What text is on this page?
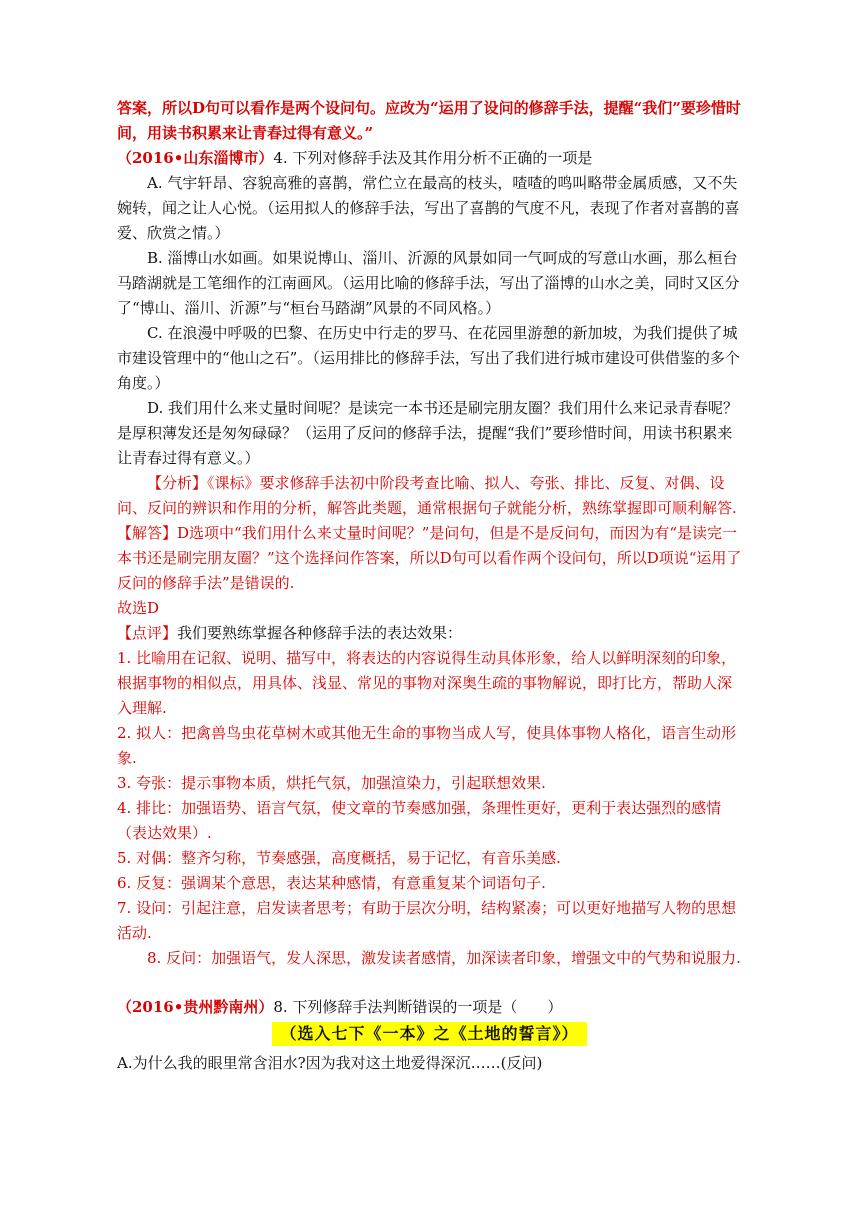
答案，所以D句可以看作是两个设问句。应改为“运用了设问的修辞手法，提醒“我们”要珍惜时间，用读书积累来让青春过得有意义。”

（2016•山东淄博市）4. 下列对修辞手法及其作用分析不正确的一项是

A. 气宇轩昂、容貌高雅的喜鹊，常伫立在最高的枝头，喳喳的鸣叫略带金属质感，又不失婉转，闻之让人心悦。（运用拟人的修辞手法，写出了喜鹊的气度不凡，表现了作者对喜鹊的喜爱、欣赏之情。）

B. 淄博山水如画。如果说博山、淄川、沂源的风景如同一气呵成的写意山水画，那么桓台马踏湖就是工笔细作的江南画风。（运用比喻的修辞手法，写出了淄博的山水之美，同时又区分了“博山、淄川、沂源”与“桓台马踏湖”风景的不同风格。）

C. 在浪漫中呼吸的巴黎、在历史中行走的罗马、在花园里游憩的新加坡，为我们提供了城市建设管理中的“他山之石”。（运用排比的修辞手法，写出了我们进行城市建设可供借鉴的多个角度。）

D. 我们用什么来丈量时间呢？是读完一本书还是刷完朋友圈？我们用什么来记录青春呢？是厚积薄发还是匆匆碌碌？（运用了反问的修辞手法，提醒“我们”要珍惜时间，用读书积累来让青春过得有意义。）

【分析】《课标》要求修辞手法初中阶段考查比喻、拟人、夸张、排比、反复、对偶、设问、反问的辨识和作用的分析，解答此类题，通常根据句子就能分析，熟练掌握即可顺利解答.

【解答】D选项中“我们用什么来丈量时间呢？”是问句，但是不是反问句，而因为有“是读完一本书还是刷完朋友圈？”这个选择问作答案，所以D句可以看作两个设问句，所以D项说“运用了反问的修辞手法”是错误的.

故选D

【点评】我们要熟练掌握各种修辞手法的表达效果：

1. 比喻用在记叙、说明、描写中，将表达的内容说得生动具体形象，给人以鲜明深刻的印象，根据事物的相似点，用具体、浅显、常见的事物对深奥生疏的事物解说，即打比方，帮助人深入理解.

2. 拟人：把禽兽鸟虫花草树木或其他无生命的事物当成人写，使具体事物人格化，语言生动形象.

3. 夸张：提示事物本质，烘托气氛，加强渲染力，引起联想效果.

4. 排比：加强语势、语言气氛，使文章的节奏感加强，条理性更好，更利于表达强烈的感情（表达效果）.

5. 对偶：整齐匀称，节奏感强，高度概括，易于记忆，有音乐美感.

6. 反复：强调某个意思，表达某种感情，有意重复某个词语句子.

7. 设问：引起注意，启发读者思考；有助于层次分明，结构紧凑；可以更好地描写人物的思想活动.

8. 反问：加强语气，发人深思，激发读者感情，加深读者印象，增强文中的气势和说服力.

（2016•贵州黔南州）8. 下列修辞手法判断错误的一项是（　　）

（选入七下《一本》之《土地的誓言》）

A.为什么我的眼里常含泪水?因为我对这土地爱得深沉……(反问)
